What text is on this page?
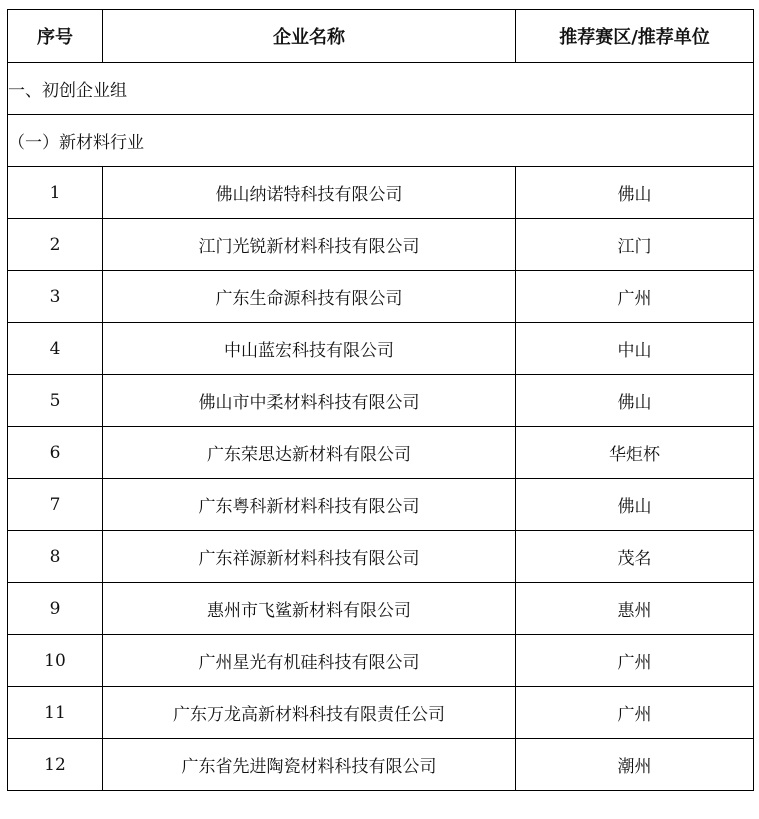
序号	企业名称	推荐赛区/推荐单位
一、初创企业组		
（一）新材料行业		
1	佛山纳诺特科技有限公司	佛山
2	江门光锐新材料科技有限公司	江门
3	广东生命源科技有限公司	广州
4	中山蓝宏科技有限公司	中山
5	佛山市中柔材料科技有限公司	佛山
6	广东荣思达新材料有限公司	华炬杯
7	广东粤科新材料科技有限公司	佛山
8	广东祥源新材料科技有限公司	茂名
9	惠州市飞鲨新材料有限公司	惠州
10	广州星光有机硅科技有限公司	广州
11	广东万龙高新材料科技有限责任公司	广州
12	广东省先进陶瓷材料科技有限公司	潮州
